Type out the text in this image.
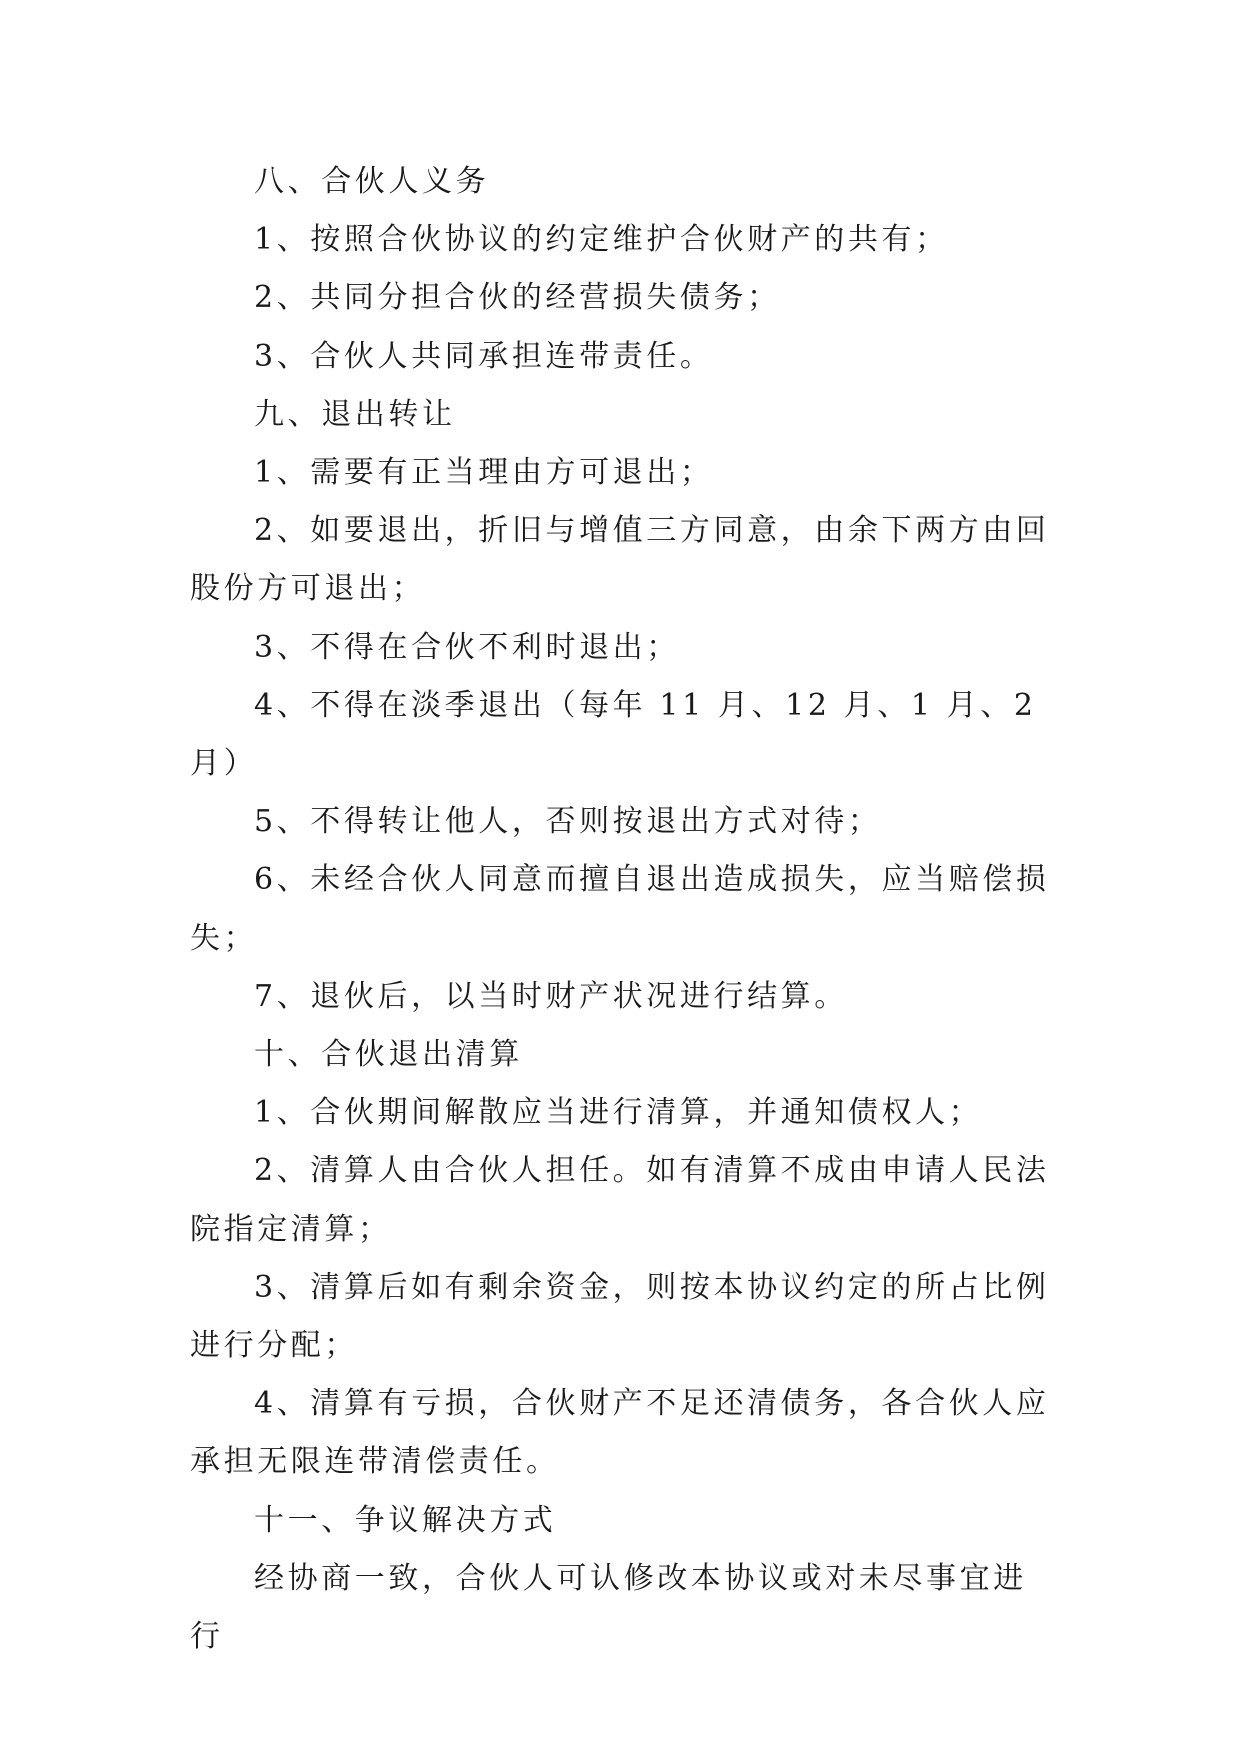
八、合伙人义务

1、按照合伙协议的约定维护合伙财产的共有；

2、共同分担合伙的经营损失债务；

3、合伙人共同承担连带责任。

九、退出转让

1、需要有正当理由方可退出；

2、如要退出，折旧与增值三方同意，由余下两方由回股份方可退出；

3、不得在合伙不利时退出；

4、不得在淡季退出（每年 11 月、12 月、1 月、2 月）

5、不得转让他人，否则按退出方式对待；

6、未经合伙人同意而擅自退出造成损失，应当赔偿损失；

7、退伙后，以当时财产状况进行结算。

十、合伙退出清算

1、合伙期间解散应当进行清算，并通知债权人；

2、清算人由合伙人担任。如有清算不成由申请人民法院指定清算；

3、清算后如有剩余资金，则按本协议约定的所占比例进行分配；

4、清算有亏损，合伙财产不足还清债务，各合伙人应承担无限连带清偿责任。

十一、争议解决方式

经协商一致，合伙人可认修改本协议或对未尽事宜进行
